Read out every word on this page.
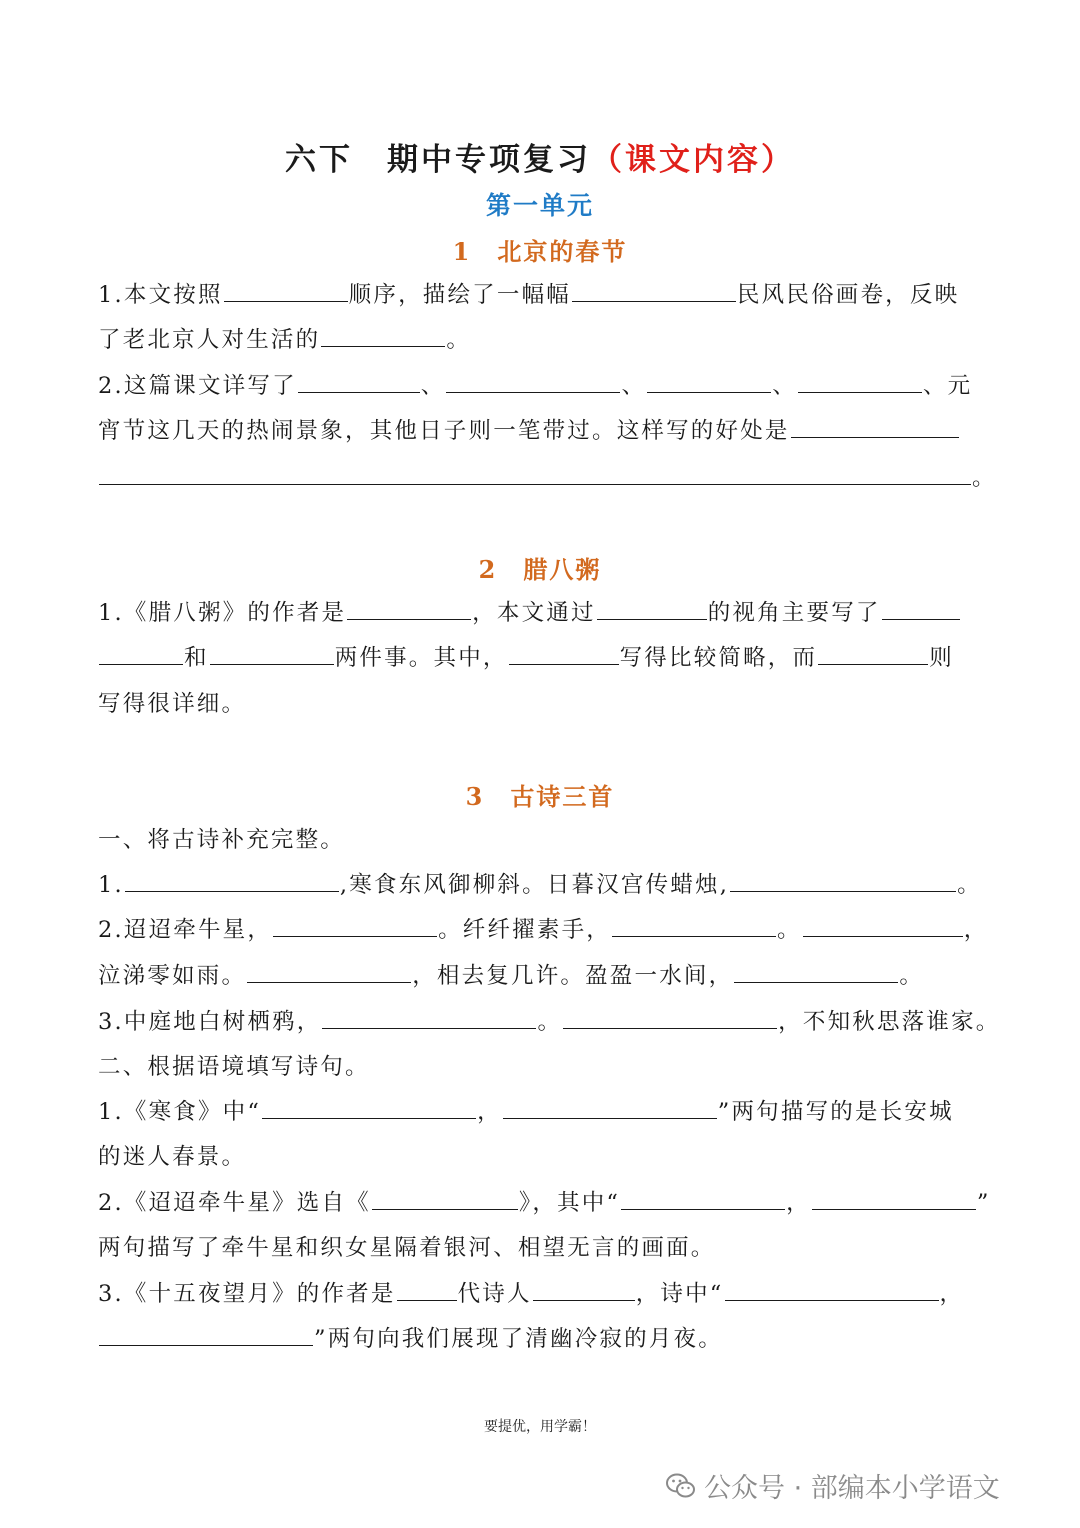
六下　期中专项复习（课文内容）
第一单元
1 北京的春节
1.本文按照	顺序，描绘了一幅幅	民风民俗画卷，反映
了老北京人对生活的	。
2.这篇课文详写了	、	、	、	、元
宵节这几天的热闹景象，其他日子则一笔带过。这样写的好处是
。
2 腊八粥
1.《腊八粥》的作者是	，本文通过	的视角主要写了
和	两件事。其中，	写得比较简略，而	则
写得很详细。
3 古诗三首
一、将古诗补充完整。
1.	,寒食东风御柳斜。日暮汉宫传蜡烛,	。
2.迢迢牵牛星，	。纤纤擢素手，	。	，
泣涕零如雨。	，相去复几许。盈盈一水间，	。
3.中庭地白树栖鸦，	。	，不知秋思落谁家。
二、根据语境填写诗句。
1.《寒食》中“	，	”两句描写的是长安城
的迷人春景。
2.《迢迢牵牛星》选自《	》，其中“	，	”
两句描写了牵牛星和织女星隔着银河、相望无言的画面。
3.《十五夜望月》的作者是	代诗人	，诗中“	，
”两句向我们展现了清幽冷寂的月夜。
要提优，用学霸！
公众号 · 部编本小学语文
